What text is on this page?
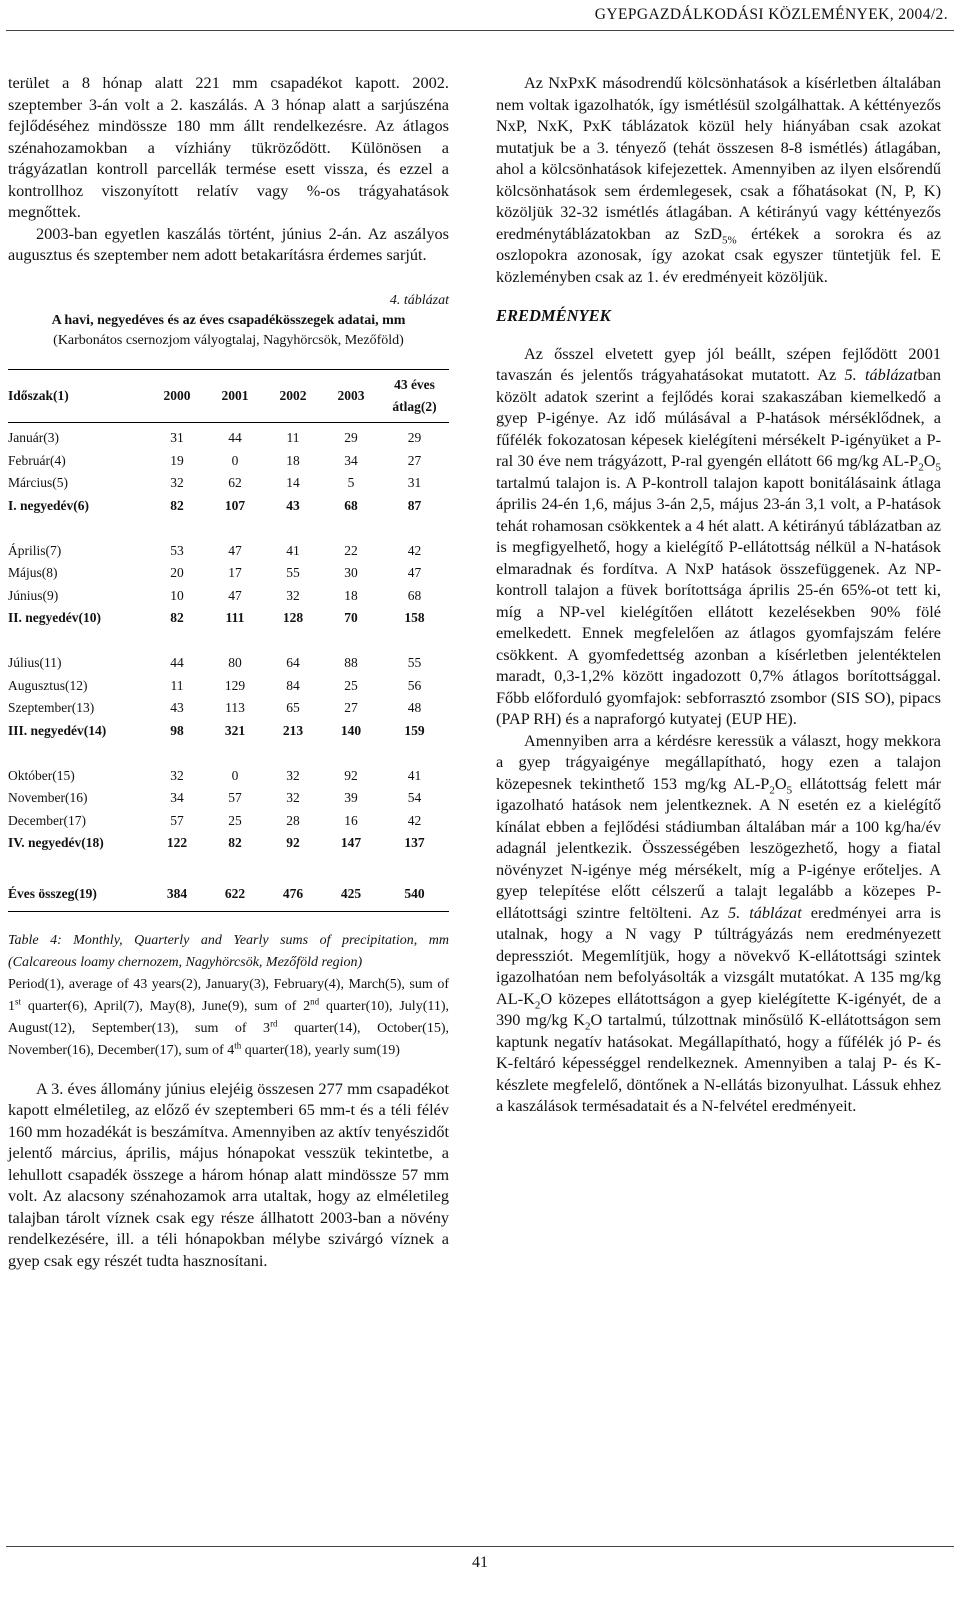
GYEPGAZDÁLKODÁSI KÖZLEMÉNYEK, 2004/2.

terület a 8 hónap alatt 221 mm csapadékot kapott. 2002. szeptember 3-án volt a 2. kaszálás. A 3 hónap alatt a sarjúszéna fejlődéséhez mindössze 180 mm állt rendelkezésre. Az átlagos szénahozamokban a vízhiány tükröződött. Különösen a trágyázatlan kontroll parcellák termése esett vissza, és ezzel a kontrollhoz viszonyított relatív vagy %-os trágyahatások megnőttek.

2003-ban egyetlen kaszálás történt, június 2-án. Az aszályos augusztus és szeptember nem adott betakarításra érdemes sarjút.

4. táblázat
A havi, negyedéves és az éves csapadékösszegek adatai, mm
(Karbonátos csernozjom vályogtalaj, Nagyhörcsök, Mezőföld)
Időszak(1)	2000	2001	2002	2003	43 éves átlag(2)
Január(3)	31	44	11	29	29
Február(4)	19	0	18	34	27
Március(5)	32	62	14	5	31
I. negyedév(6)	82	107	43	68	87

Április(7)	53	47	41	22	42
Május(8)	20	17	55	30	47
Június(9)	10	47	32	18	68
II. negyedév(10)	82	111	128	70	158

Július(11)	44	80	64	88	55
Augusztus(12)	11	129	84	25	56
Szeptember(13)	43	113	65	27	48
III. negyedév(14)	98	321	213	140	159

Október(15)	32	0	32	92	41
November(16)	34	57	32	39	54
December(17)	57	25	28	16	42
IV. negyedév(18)	122	82	92	147	137

Éves összeg(19)	384	622	476	425	540
Table 4: Monthly, Quarterly and Yearly sums of precipitation, mm (Calcareous loamy chernozem, Nagyhörcsök, Mezőföld region)
Period(1), average of 43 years(2), January(3), February(4), March(5), sum of 1st quarter(6), April(7), May(8), June(9), sum of 2nd quarter(10), July(11), August(12), September(13), sum of 3rd quarter(14), October(15), November(16), December(17), sum of 4th quarter(18), yearly sum(19)

A 3. éves állomány június elejéig összesen 277 mm csapadékot kapott elméletileg, az előző év szeptemberi 65 mm-t és a téli félév 160 mm hozadékát is beszámítva. Amennyiben az aktív tenyészidőt jelentő március, április, május hónapokat vesszük tekintetbe, a lehullott csapadék összege a három hónap alatt mindössze 57 mm volt. Az alacsony szénahozamok arra utaltak, hogy az elméletileg talajban tárolt víznek csak egy része állhatott 2003-ban a növény rendelkezésére, ill. a téli hónapokban mélybe szivárgó víznek a gyep csak egy részét tudta hasznosítani.

Az NxPxK másodrendű kölcsönhatások a kísérletben általában nem voltak igazolhatók, így ismétlésül szolgálhattak. A kéttényezős NxP, NxK, PxK táblázatok közül hely hiányában csak azokat mutatjuk be a 3. tényező (tehát összesen 8-8 ismétlés) átlagában, ahol a kölcsönhatások kifejezettek. Amennyiben az ilyen elsőrendű kölcsönhatások sem érdemlegesek, csak a főhatásokat (N, P, K) közöljük 32-32 ismétlés átlagában. A kétirányú vagy kéttényezős eredménytáblázatokban az SzD$_{5\%}$ értékek a sorokra és az oszlopokra azonosak, így azokat csak egyszer tüntetjük fel. E közleményben csak az 1. év eredményeit közöljük.

EREDMÉNYEK

Az ősszel elvetett gyep jól beállt, szépen fejlődött 2001 tavaszán és jelentős trágyahatásokat mutatott. Az 5. táblázatban közölt adatok szerint a fejlődés korai szakaszában kiemelkedő a gyep P-igénye. Az idő múlásával a P-hatások mérséklődnek, a fűfélék fokozatosan képesek kielégíteni mérsékelt P-igényüket a P-ral 30 éve nem trágyázott, P-ral gyengén ellátott 66 mg/kg $AL-P_2O_5$ tartalmú talajon is. A P-kontroll talajon kapott bonitálásaink átlaga április 24-én 1,6, május 3-án 2,5, május 23-án 3,1 volt, a P-hatások tehát rohamosan csökkentek a 4 hét alatt. A kétirányú táblázatban az is megfigyelhető, hogy a kielégítő P-ellátottság nélkül a N-hatások elmaradnak és fordítva. A NxP hatások összefüggenek. Az NP-kontroll talajon a füvek borítottsága április 25-én 65%-ot tett ki, míg a NP-vel kielégítően ellátott kezelésekben 90% fölé emelkedett. Ennek megfelelően az átlagos gyomfajszám felére csökkent. A gyomfedettség azonban a kísérletben jelentéktelen maradt, 0,3-1,2% között ingadozott 0,7% átlagos borítottsággal. Főbb előforduló gyomfajok: sebforrasztó zsombor (SIS SO), pipacs (PAP RH) és a napraforgó kutyatej (EUP HE).

Amennyiben arra a kérdésre keressük a választ, hogy mekkora a gyep trágyaigénye megállapítható, hogy ezen a talajon közepesnek tekinthető 153 mg/kg $AL-P_2O_5$ ellátottság felett már igazolható hatások nem jelentkeznek. A N esetén ez a kielégítő kínálat ebben a fejlődési stádiumban általában már a 100 kg/ha/év adagnál jelentkezik. Összességében leszögezhető, hogy a fiatal növényzet N-igénye még mérsékelt, míg a P-igénye erőteljes. A gyep telepítése előtt célszerű a talajt legalább a közepes P-ellátottsági szintre feltölteni. Az 5. táblázat eredményei arra is utalnak, hogy a N vagy P túltrágyázás nem eredményezett depressziót. Megemlítjük, hogy a növekvő K-ellátottsági szintek igazolhatóan nem befolyásolták a vizsgált mutatókat. A 135 mg/kg $AL-K_2O$ közepes ellátottságon a gyep kielégítette K-igényét, de a 390 mg/kg $K_2O$ tartalmú, túlzottnak minősülő K-ellátottságon sem kaptunk negatív hatásokat. Megállapítható, hogy a fűfélék jó P- és K-feltáró képességgel rendelkeznek. Amennyiben a talaj P- és K-készlete megfelelő, döntőnek a N-ellátás bizonyulhat. Lássuk ehhez a kaszálások termésadatait és a N-felvétel eredményeit.

41
